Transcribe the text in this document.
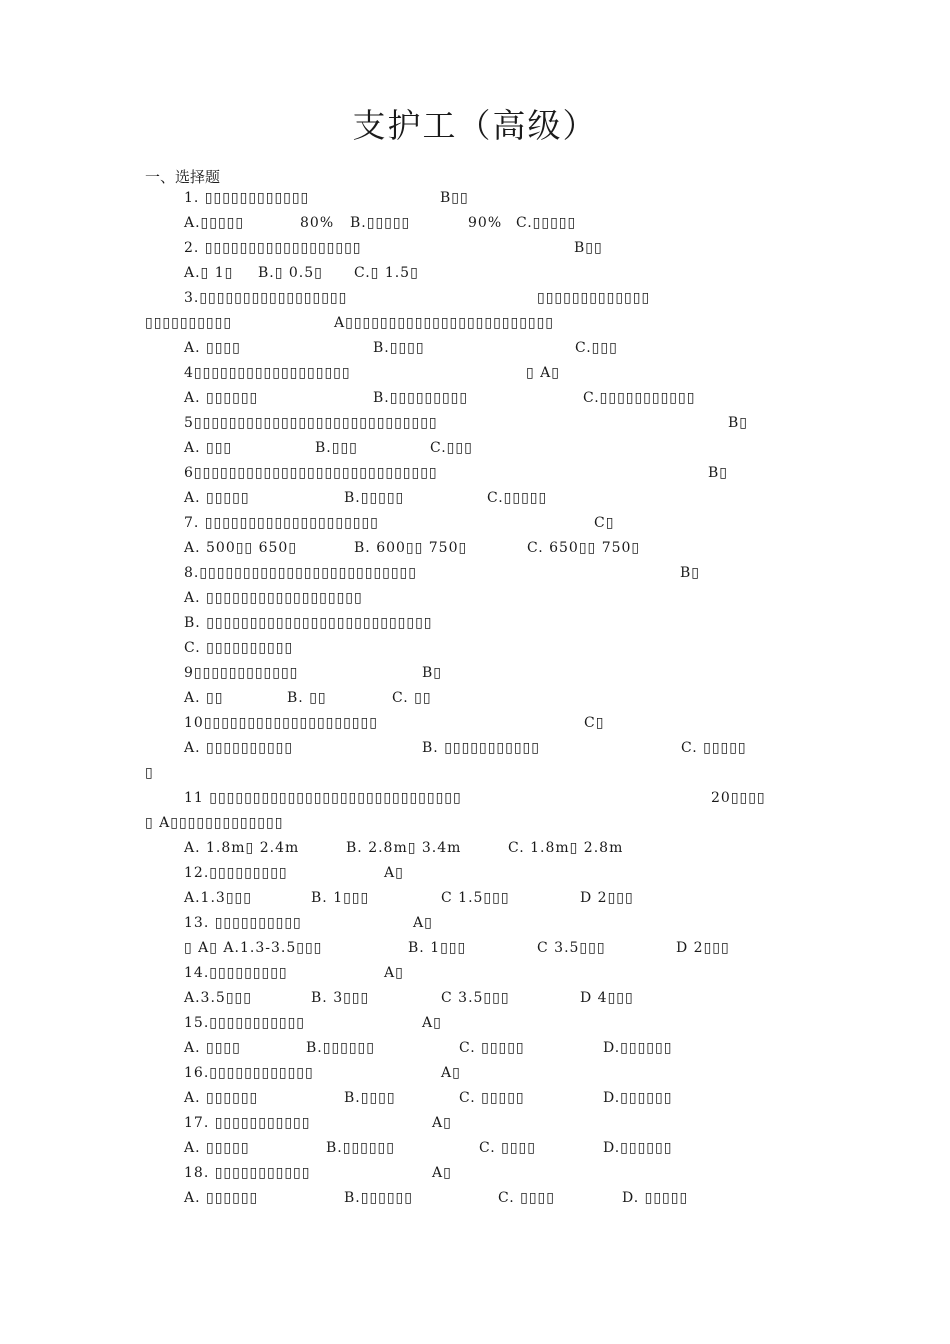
支护工（高级）
一、选择题
1. ▯▯▯▯▯▯▯▯▯▯▯▯	B▯▯
A.▯▯▯▯▯	80% B.▯▯▯▯▯	90% C.▯▯▯▯▯
2. ▯▯▯▯▯▯▯▯▯▯▯▯▯▯▯▯▯▯	B▯▯
A.▯ 1▯ B.▯ 0.5▯ C.▯ 1.5▯
3.▯▯▯▯▯▯▯▯▯▯▯▯▯▯▯▯▯	▯▯▯▯▯▯▯▯▯▯▯▯▯
▯▯▯▯▯▯▯▯▯▯	A▯▯▯▯▯▯▯▯▯▯▯▯▯▯▯▯▯▯▯▯▯▯▯▯
A. ▯▯▯▯	B.▯▯▯▯	C.▯▯▯
4▯▯▯▯▯▯▯▯▯▯▯▯▯▯▯▯▯▯	▯ A▯
A. ▯▯▯▯▯▯	B.▯▯▯▯▯▯▯▯▯	C.▯▯▯▯▯▯▯▯▯▯▯
5▯▯▯▯▯▯▯▯▯▯▯▯▯▯▯▯▯▯▯▯▯▯▯▯▯▯▯▯	B▯
A. ▯▯▯	B.▯▯▯	C.▯▯▯
6▯▯▯▯▯▯▯▯▯▯▯▯▯▯▯▯▯▯▯▯▯▯▯▯▯▯▯▯	B▯
A. ▯▯▯▯▯	B.▯▯▯▯▯	C.▯▯▯▯▯
7. ▯▯▯▯▯▯▯▯▯▯▯▯▯▯▯▯▯▯▯▯	C▯
A. 500▯▯ 650▯	B. 600▯▯ 750▯	C. 650▯▯ 750▯
8.▯▯▯▯▯▯▯▯▯▯▯▯▯▯▯▯▯▯▯▯▯▯▯▯▯	B▯
A. ▯▯▯▯▯▯▯▯▯▯▯▯▯▯▯▯▯▯
B. ▯▯▯▯▯▯▯▯▯▯▯▯▯▯▯▯▯▯▯▯▯▯▯▯▯▯
C. ▯▯▯▯▯▯▯▯▯▯
9▯▯▯▯▯▯▯▯▯▯▯▯	B▯
A. ▯▯	B. ▯▯	C. ▯▯
10▯▯▯▯▯▯▯▯▯▯▯▯▯▯▯▯▯▯▯▯	C▯
A. ▯▯▯▯▯▯▯▯▯▯	B. ▯▯▯▯▯▯▯▯▯▯▯	C. ▯▯▯▯▯
▯
11 ▯▯▯▯▯▯▯▯▯▯▯▯▯▯▯▯▯▯▯▯▯▯▯▯▯▯▯▯▯	20▯▯▯▯
▯ A▯▯▯▯▯▯▯▯▯▯▯▯▯
A. 1.8m▯ 2.4m	B. 2.8m▯ 3.4m	C. 1.8m▯ 2.8m
12.▯▯▯▯▯▯▯▯▯	A▯
A.1.3▯▯▯	B. 1▯▯▯	C 1.5▯▯▯	D 2▯▯▯
13. ▯▯▯▯▯▯▯▯▯▯	A▯
▯ A▯ A.1.3-3.5▯▯▯	B. 1▯▯▯	C 3.5▯▯▯	D 2▯▯▯
14.▯▯▯▯▯▯▯▯▯	A▯
A.3.5▯▯▯	B. 3▯▯▯	C 3.5▯▯▯	D 4▯▯▯
15.▯▯▯▯▯▯▯▯▯▯▯	A▯
A. ▯▯▯▯	B.▯▯▯▯▯▯	C. ▯▯▯▯▯	D.▯▯▯▯▯▯
16.▯▯▯▯▯▯▯▯▯▯▯▯	A▯
A. ▯▯▯▯▯▯	B.▯▯▯▯	C. ▯▯▯▯▯	D.▯▯▯▯▯▯
17. ▯▯▯▯▯▯▯▯▯▯▯	A▯
A. ▯▯▯▯▯	B.▯▯▯▯▯▯	C. ▯▯▯▯	D.▯▯▯▯▯▯
18. ▯▯▯▯▯▯▯▯▯▯▯	A▯
A. ▯▯▯▯▯▯	B.▯▯▯▯▯▯	C. ▯▯▯▯	D. ▯▯▯▯▯
